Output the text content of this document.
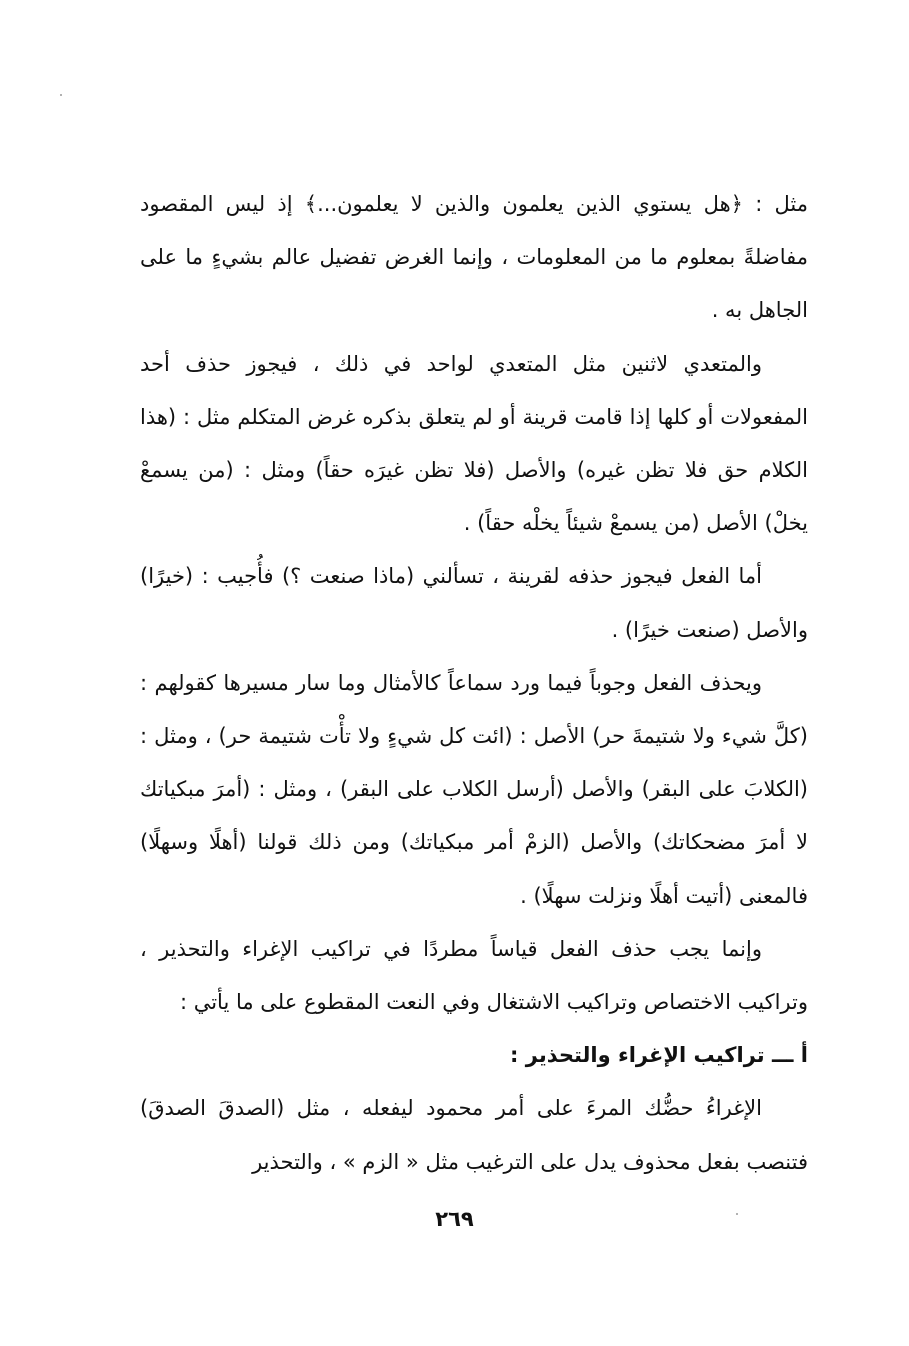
مثل : ﴿هل يستوي الذين يعلمون والذين لا يعلمون...﴾ إذ ليس المقصود مفاضلةً بمعلوم ما من المعلومات ، وإنما الغرض تفضيل عالم بشيءٍ ما على الجاهل به .

والمتعدي لاثنين مثل المتعدي لواحد في ذلك ، فيجوز حذف أحد المفعولات أو كلها إذا قامت قرينة أو لم يتعلق بذكره غرض المتكلم مثل : (هذا الكلام حق فلا تظن غيره) والأصل (فلا تظن غيرَه حقاً) ومثل : (من يسمعْ يخلْ) الأصل (من يسمعْ شيئاً يخلْه حقاً) .

أما الفعل فيجوز حذفه لقرينة ، تسألني (ماذا صنعت ؟) فأُجيب : (خيرًا) والأصل (صنعت خيرًا) .

ويحذف الفعل وجوباً فيما ورد سماعاً كالأمثال وما سار مسيرها كقولهم : (كلَّ شيء ولا شتيمةَ حر) الأصل : (ائت كل شيءٍ ولا تأْت شتيمة حر) ، ومثل : (الكلابَ على البقر) والأصل (أرسل الكلاب على البقر) ، ومثل : (أمرَ مبكياتك لا أمرَ مضحكاتك) والأصل (الزمْ أمر مبكياتك) ومن ذلك قولنا (أهلًا وسهلًا) فالمعنى (أتيت أهلًا ونزلت سهلًا) .

وإنما يجب حذف الفعل قياساً مطردًا في تراكيب الإغراء والتحذير ، وتراكيب الاختصاص وتراكيب الاشتغال وفي النعت المقطوع على ما يأتي :

أ ـــ تراكيب الإغراء والتحذير :

الإغراءُ حضُّك المرءَ على أمر محمود ليفعله ، مثل (الصدقَ الصدقَ) فتنصب بفعل محذوف يدل على الترغيب مثل « الزم » ، والتحذير

٢٦٩
